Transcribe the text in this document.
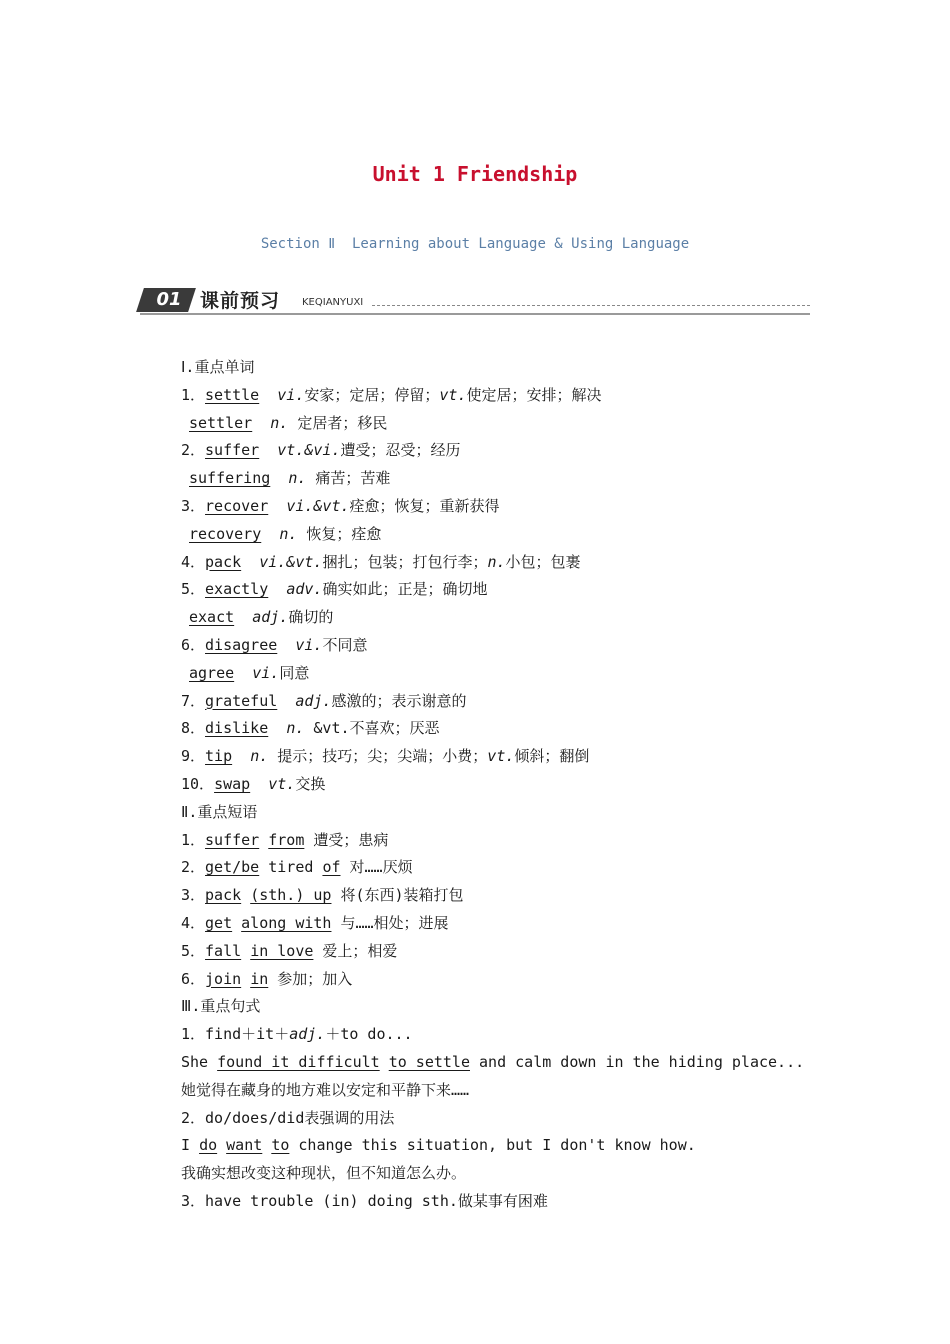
Unit 1 Friendship
Section Ⅱ  Learning about Language & Using Language
01 课前预习 KEQIANYUXI
Ⅰ.重点单词
1．settle vi.安家；定居；停留；vt.使定居；安排；解决
settler n. 定居者；移民
2．suffer vt.&vi.遭受；忍受；经历
suffering n. 痛苦；苦难
3．recover vi.&vt.痊愈；恢复；重新获得
recovery n. 恢复；痊愈
4．pack vi.&vt.捆扎；包装；打包行李；n.小包；包裹
5．exactly adv.确实如此；正是；确切地
exact adj.确切的
6．disagree vi.不同意
agree vi.同意
7．grateful adj.感激的；表示谢意的
8．dislike n. &vt.不喜欢；厌恶
9．tip n. 提示；技巧；尖；尖端；小费；vt.倾斜；翻倒
10．swap vt.交换
Ⅱ.重点短语
1．suffer from 遭受；患病
2．get/be tired of 对……厌烦
3．pack (sth.) up 将(东西)装箱打包
4．get along with 与……相处；进展
5．fall in love 爱上；相爱
6．join in 参加；加入
Ⅲ.重点句式
1．find＋it＋adj.＋to do...
She found it difficult to settle and calm down in the hiding place...
她觉得在藏身的地方难以安定和平静下来……
2．do/does/did表强调的用法
I do want to change this situation, but I don't know how.
我确实想改变这种现状，但不知道怎么办。
3．have trouble (in) doing sth.做某事有困难
